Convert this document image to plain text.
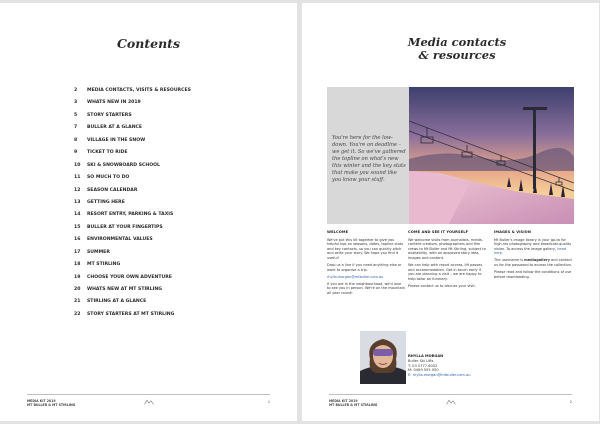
Contents
2 MEDIA CONTACTS, VISITS & RESOURCES
3 WHATS NEW IN 2019
5 STORY STARTERS
7 BULLER AT A GLANCE
8 VILLAGE IN THE SNOW
9 TICKET TO RIDE
10 SKI & SNOWBOARD SCHOOL
11 SO MUCH TO DO
12 SEASON CALENDAR
13 GETTING HERE
14 RESORT ENTRY, PARKING & TAXIS
15 BULLER AT YOUR FINGERTIPS
16 ENVIRONMENTAL VALUES
17 SUMMER
18 MT STIRLING
19 CHOOSE YOUR OWN ADVENTURE
20 WHATS NEW AT MT STIRLING
21 STIRLING AT A GLANCE
22 STORY STARTERS AT MT STIRLING
MEDIA KIT 2019
MT BULLER & MT STIRLING
1
Media contacts
& resources
You're here for the low-down. You're on deadline – we get it. So we've gathered the topline on what's new this winter and the key stats that make you sound like you know your stuff.
WELCOME

We've put this kit together to give you helpful tips on seasons, dates, topline stats and key contacts, so you can quickly pitch and write your story. We hope you find it useful!

Drop us a line if you need anything else or want to organise a trip.

rhylla.morgan@mtbuller.com.au

If you are in the neighbourhood, we'd love to see you in person. We're on the mountain all year round!

COME AND SEE IT YOURSELF

We welcome visits from journalists, media, content creators, photographers and film crews to Mt Buller and Mt Stirling, subject to availability, with an approved story idea, images and content.

We can help with resort access, lift passes and accommodation. Get in touch early if you are planning a visit – we are happy to help tailor an itinerary.

Please contact us to discuss your visit.

IMAGES & VISION

Mt Buller's image library is your go-to for high-res photography and broadcast-quality vision. To access the image gallery, head here.

The username is mediagallery and contact us for the password to access the collection.

Please read and follow the conditions of use before downloading.

RHYLLA MORGAN
Buller Ski Lifts
T: 03 5777 6052
M: 0409 555 050
E: rhylla.morgan@mtbuller.com.au
MEDIA KIT 2019
MT BULLER & MT STIRLING
2
